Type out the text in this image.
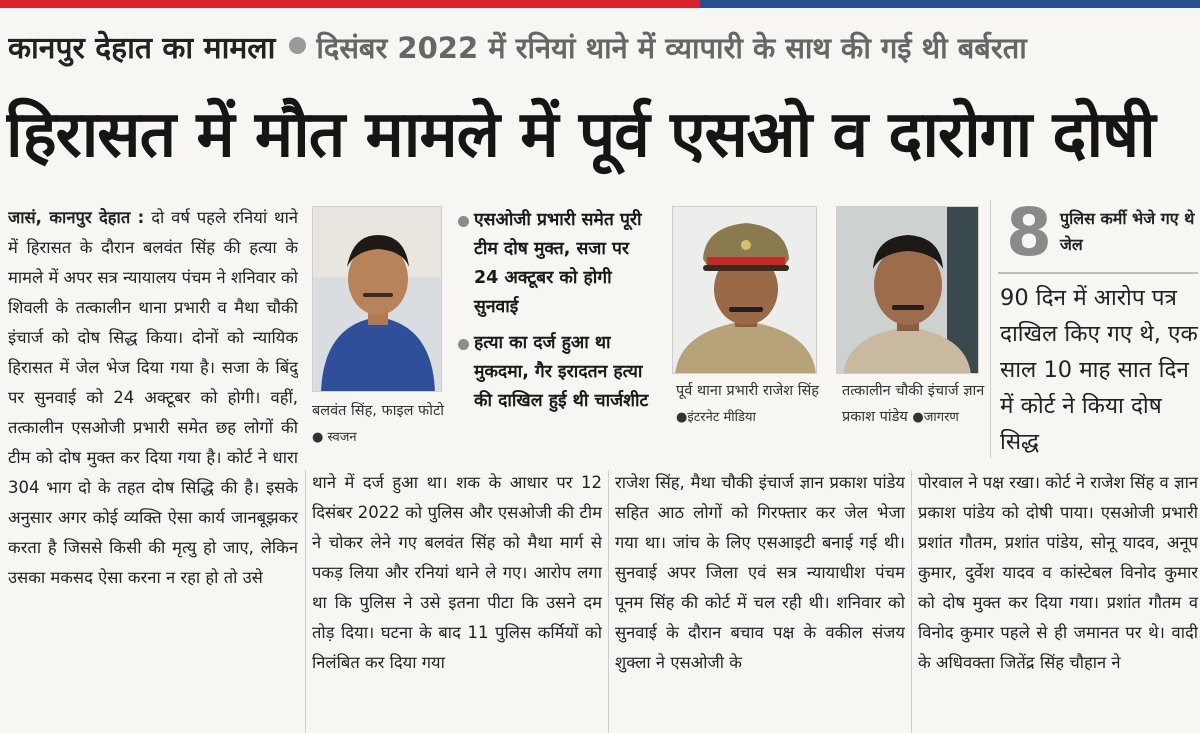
कानपुर देहात का मामला दिसंबर 2022 में रनियां थाने में व्यापारी के साथ की गई थी बर्बरता
हिरासत में मौत मामले में पूर्व एसओ व दारोगा दोषी
जासं, कानपुर देहात : दो वर्ष पहले रनियां थाने में हिरासत के दौरान बलवंत सिंह की हत्या के मामले में अपर सत्र न्यायालय पंचम ने शनिवार को शिवली के तत्कालीन थाना प्रभारी व मैथा चौकी इंचार्ज को दोष सिद्ध किया। दोनों को न्यायिक हिरासत में जेल भेज दिया गया है। सजा के बिंदु पर सुनवाई को 24 अक्टूबर को होगी। वहीं, तत्कालीन एसओजी प्रभारी समेत छह लोगों की टीम को दोष मुक्त कर दिया गया है। कोर्ट ने धारा 304 भाग दो के तहत दोष सिद्धि की है। इसके अनुसार अगर कोई व्यक्ति ऐसा कार्य जानबूझकर करता है जिससे किसी की मृत्यु हो जाए, लेकिन उसका मकसद ऐसा करना न रहा हो तो उसे
बलवंत सिंह, फाइल फोटो ● स्वजन
एसओजी प्रभारी समेत पूरी टीम दोष मुक्त, सजा पर 24 अक्टूबर को होगी सुनवाई
हत्या का दर्ज हुआ था मुकदमा, गैर इरादतन हत्या की दाखिल हुई थी चार्जशीट	पूर्व थाना प्रभारी राजेश सिंह
●इंटरनेट मीडिया
तत्कालीन चौकी इंचार्ज ज्ञान प्रकाश पांडेय ●जागरण
8 पुलिस कर्मी भेजे गए थे जेल
90 दिन में आरोप पत्र दाखिल किए गए थे, एक साल 10 माह सात दिन में कोर्ट ने किया दोष सिद्ध
थाने में दर्ज हुआ था। शक के आधार पर 12 दिसंबर 2022 को पुलिस और एसओजी की टीम ने चोकर लेने गए बलवंत सिंह को मैथा मार्ग से पकड़ लिया और रनियां थाने ले गए। आरोप लगा था कि पुलिस ने उसे इतना पीटा कि उसने दम तोड़ दिया। घटना के बाद 11 पुलिस कर्मियों को निलंबित कर दिया गया
राजेश सिंह, मैथा चौकी इंचार्ज ज्ञान प्रकाश पांडेय सहित आठ लोगों को गिरफ्तार कर जेल भेजा गया था। जांच के लिए एसआइटी बनाई गई थी। सुनवाई अपर जिला एवं सत्र न्यायाधीश पंचम पूनम सिंह की कोर्ट में चल रही थी। शनिवार को सुनवाई के दौरान बचाव पक्ष के वकील संजय शुक्ला ने एसओजी के
पोरवाल ने पक्ष रखा। कोर्ट ने राजेश सिंह व ज्ञान प्रकाश पांडेय को दोषी पाया। एसओजी प्रभारी प्रशांत गौतम, प्रशांत पांडेय, सोनू यादव, अनूप कुमार, दुर्वेश यादव व कांस्टेबल विनोद कुमार को दोष मुक्त कर दिया गया। प्रशांत गौतम व विनोद कुमार पहले से ही जमानत पर थे। वादी के अधिवक्ता जितेंद्र सिंह चौहान ने
